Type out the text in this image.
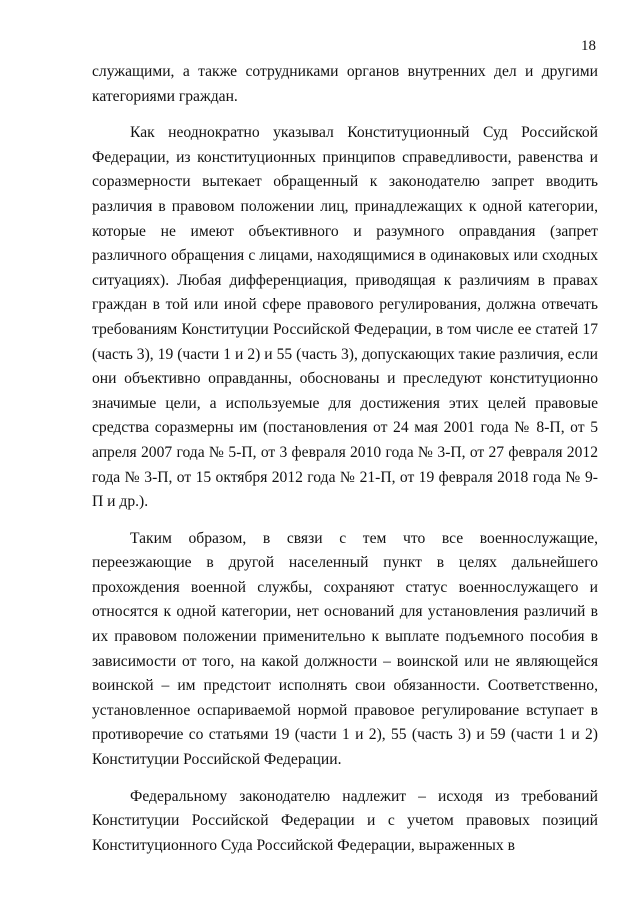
18

служащими, а также сотрудниками органов внутренних дел и другими категориями граждан.

Как неоднократно указывал Конституционный Суд Российской Федерации, из конституционных принципов справедливости, равенства и соразмерности вытекает обращенный к законодателю запрет вводить различия в правовом положении лиц, принадлежащих к одной категории, которые не имеют объективного и разумного оправдания (запрет различного обращения с лицами, находящимися в одинаковых или сходных ситуациях). Любая дифференциация, приводящая к различиям в правах граждан в той или иной сфере правового регулирования, должна отвечать требованиям Конституции Российской Федерации, в том числе ее статей 17 (часть 3), 19 (части 1 и 2) и 55 (часть 3), допускающих такие различия, если они объективно оправданны, обоснованы и преследуют конституционно значимые цели, а используемые для достижения этих целей правовые средства соразмерны им (постановления от 24 мая 2001 года № 8-П, от 5 апреля 2007 года № 5-П, от 3 февраля 2010 года № 3-П, от 27 февраля 2012 года № 3-П, от 15 октября 2012 года № 21-П, от 19 февраля 2018 года № 9-П и др.).

Таким образом, в связи с тем что все военнослужащие, переезжающие в другой населенный пункт в целях дальнейшего прохождения военной службы, сохраняют статус военнослужащего и относятся к одной категории, нет оснований для установления различий в их правовом положении применительно к выплате подъемного пособия в зависимости от того, на какой должности – воинской или не являющейся воинской – им предстоит исполнять свои обязанности. Соответственно, установленное оспариваемой нормой правовое регулирование вступает в противоречие со статьями 19 (части 1 и 2), 55 (часть 3) и 59 (части 1 и 2) Конституции Российской Федерации.

Федеральному законодателю надлежит – исходя из требований Конституции Российской Федерации и с учетом правовых позиций Конституционного Суда Российской Федерации, выраженных в
